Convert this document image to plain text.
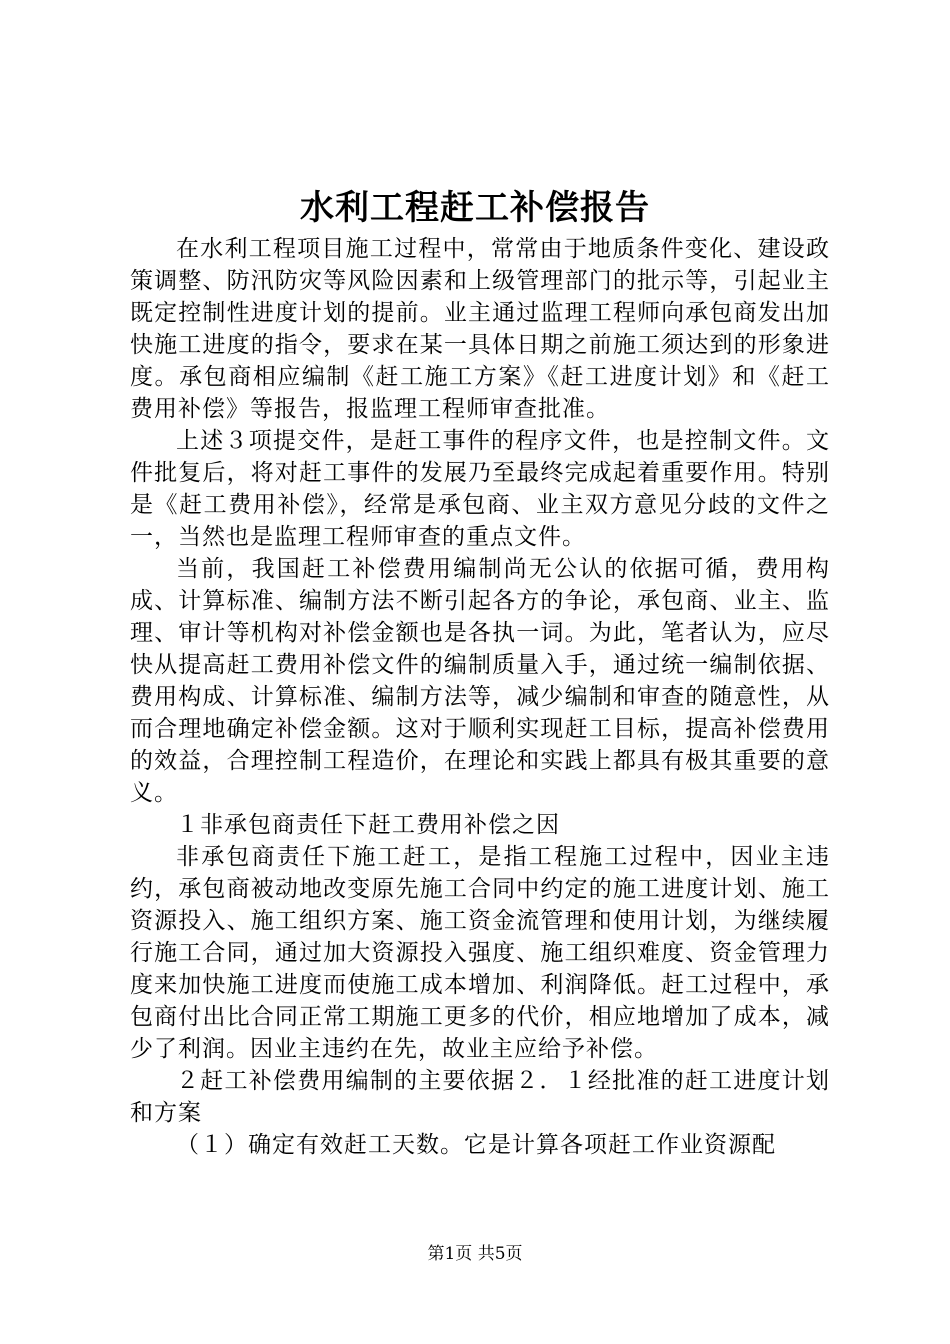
水利工程赶工补偿报告

在水利工程项目施工过程中，常常由于地质条件变化、建设政策调整、防汛防灾等风险因素和上级管理部门的批示等，引起业主既定控制性进度计划的提前。业主通过监理工程师向承包商发出加快施工进度的指令，要求在某一具体日期之前施工须达到的形象进度。承包商相应编制《赶工施工方案》《赶工进度计划》和《赶工费用补偿》等报告，报监理工程师审查批准。

上述３项提交件，是赶工事件的程序文件，也是控制文件。文件批复后，将对赶工事件的发展乃至最终完成起着重要作用。特别是《赶工费用补偿》，经常是承包商、业主双方意见分歧的文件之一，当然也是监理工程师审查的重点文件。

当前，我国赶工补偿费用编制尚无公认的依据可循，费用构成、计算标准、编制方法不断引起各方的争论，承包商、业主、监理、审计等机构对补偿金额也是各执一词。为此，笔者认为，应尽快从提高赶工费用补偿文件的编制质量入手，通过统一编制依据、费用构成、计算标准、编制方法等，减少编制和审查的随意性，从而合理地确定补偿金额。这对于顺利实现赶工目标，提高补偿费用的效益，合理控制工程造价，在理论和实践上都具有极其重要的意义。

１非承包商责任下赶工费用补偿之因

非承包商责任下施工赶工，是指工程施工过程中，因业主违约，承包商被动地改变原先施工合同中约定的施工进度计划、施工资源投入、施工组织方案、施工资金流管理和使用计划，为继续履行施工合同，通过加大资源投入强度、施工组织难度、资金管理力度来加快施工进度而使施工成本增加、利润降低。赶工过程中，承包商付出比合同正常工期施工更多的代价，相应地增加了成本，减少了利润。因业主违约在先，故业主应给予补偿。

２赶工补偿费用编制的主要依据２．１经批准的赶工进度计划和方案

（１）确定有效赶工天数。它是计算各项赶工作业资源配

第1页 共5页
